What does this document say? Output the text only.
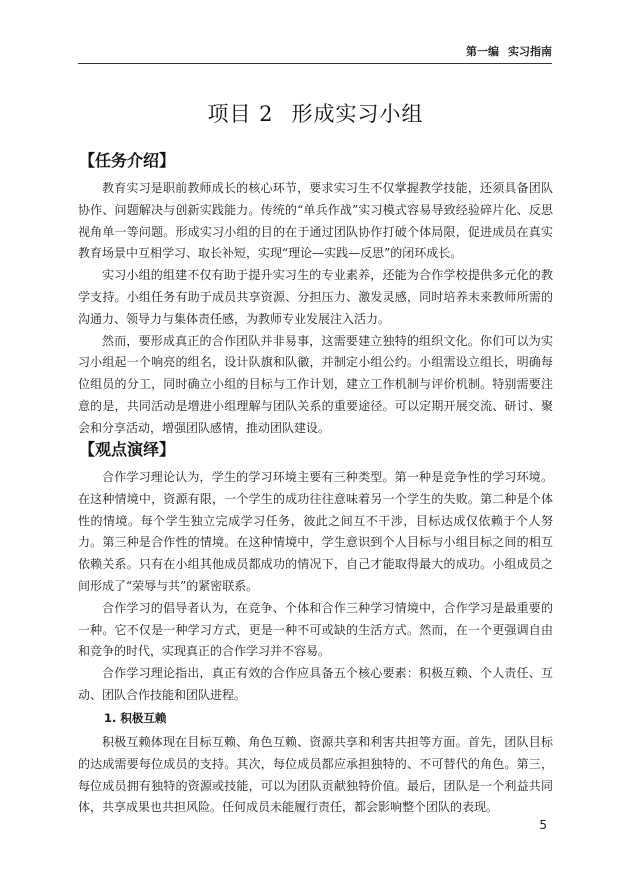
第一编 实习指南
项目 2 形成实习小组
【任务介绍】

教育实习是职前教师成长的核心环节，要求实习生不仅掌握教学技能，还须具备团队协作、问题解决与创新实践能力。传统的“单兵作战”实习模式容易导致经验碎片化、反思视角单一等问题。形成实习小组的目的在于通过团队协作打破个体局限，促进成员在真实教育场景中互相学习、取长补短，实现“理论—实践—反思”的闭环成长。

实习小组的组建不仅有助于提升实习生的专业素养，还能为合作学校提供多元化的教学支持。小组任务有助于成员共享资源、分担压力、激发灵感，同时培养未来教师所需的沟通力、领导力与集体责任感，为教师专业发展注入活力。

然而，要形成真正的合作团队并非易事，这需要建立独特的组织文化。你们可以为实习小组起一个响亮的组名，设计队旗和队徽，并制定小组公约。小组需设立组长，明确每位组员的分工，同时确立小组的目标与工作计划，建立工作机制与评价机制。特别需要注意的是，共同活动是增进小组理解与团队关系的重要途径。可以定期开展交流、研讨、聚会和分享活动，增强团队感情，推动团队建设。

【观点演绎】

合作学习理论认为，学生的学习环境主要有三种类型。第一种是竞争性的学习环境。在这种情境中，资源有限，一个学生的成功往往意味着另一个学生的失败。第二种是个体性的情境。每个学生独立完成学习任务，彼此之间互不干涉，目标达成仅依赖于个人努力。第三种是合作性的情境。在这种情境中，学生意识到个人目标与小组目标之间的相互依赖关系。只有在小组其他成员都成功的情况下，自己才能取得最大的成功。小组成员之间形成了“荣辱与共”的紧密联系。

合作学习的倡导者认为，在竞争、个体和合作三种学习情境中，合作学习是最重要的一种。它不仅是一种学习方式，更是一种不可或缺的生活方式。然而，在一个更强调自由和竞争的时代，实现真正的合作学习并不容易。

合作学习理论指出，真正有效的合作应具备五个核心要素：积极互赖、个人责任、互动、团队合作技能和团队进程。

1. 积极互赖

积极互赖体现在目标互赖、角色互赖、资源共享和利害共担等方面。首先，团队目标的达成需要每位成员的支持。其次，每位成员都应承担独特的、不可替代的角色。第三，每位成员拥有独特的资源或技能，可以为团队贡献独特价值。最后，团队是一个利益共同体，共享成果也共担风险。任何成员未能履行责任，都会影响整个团队的表现。

5
